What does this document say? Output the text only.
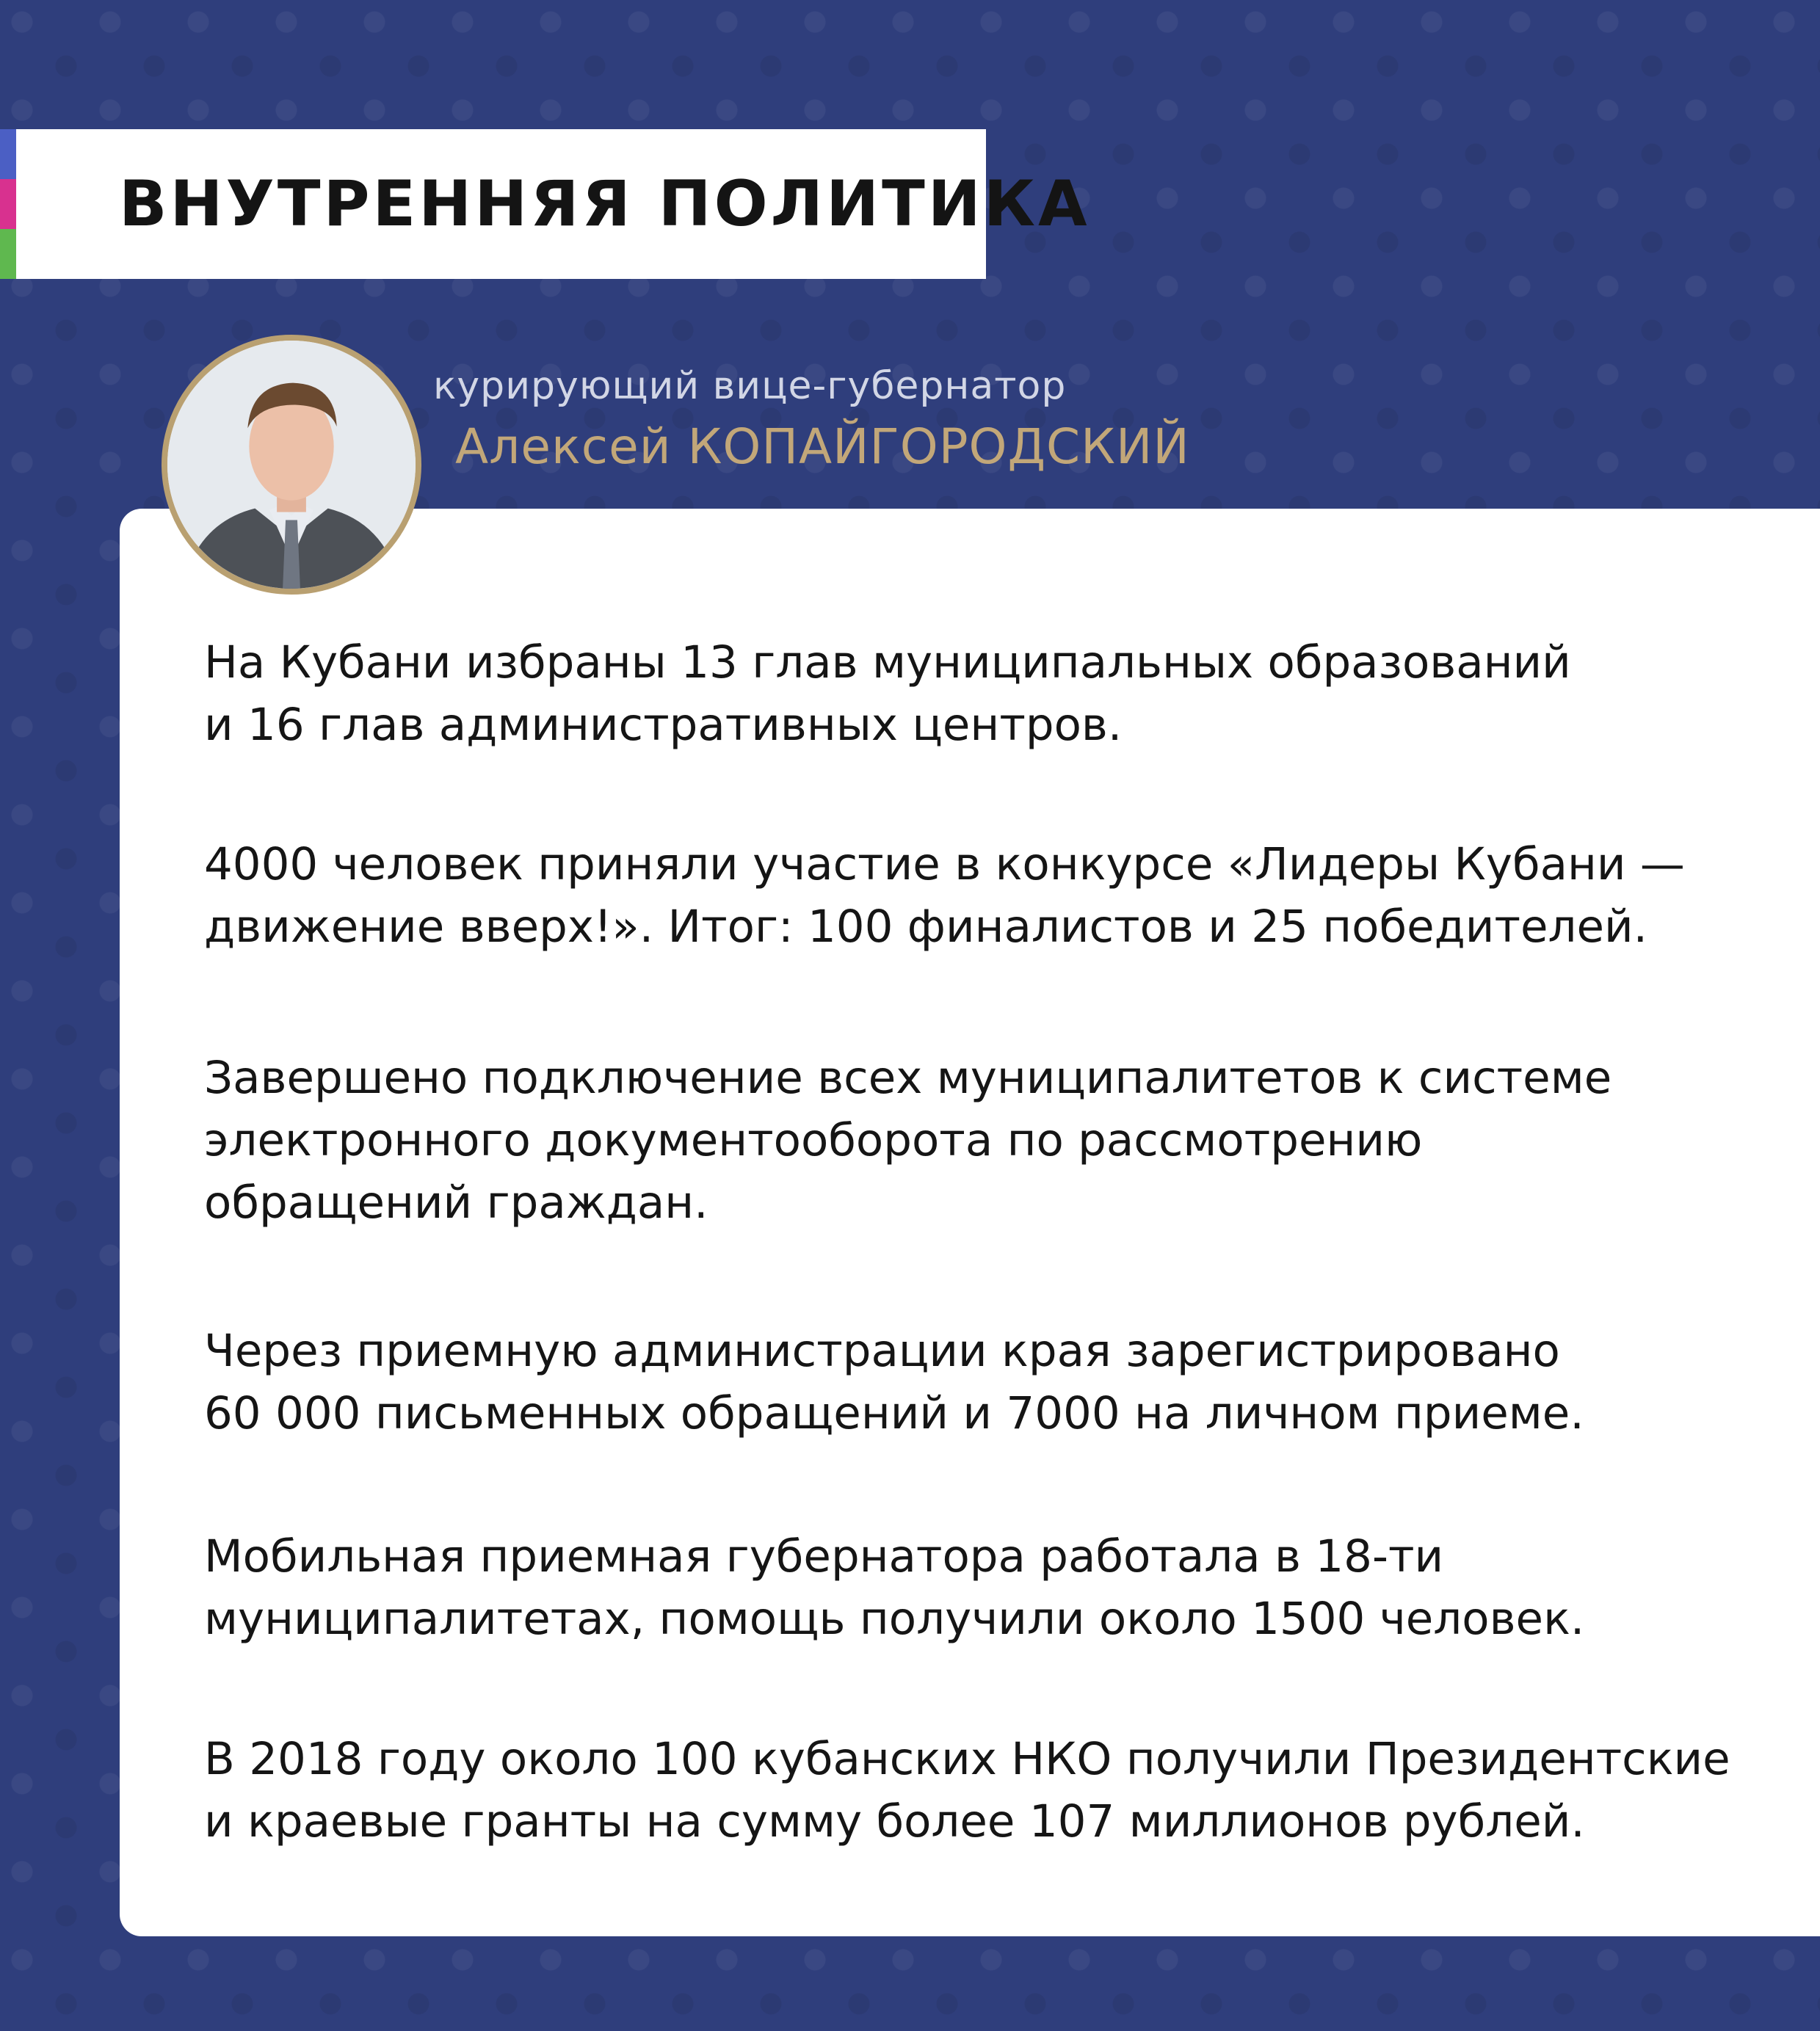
ВНУТРЕННЯЯ ПОЛИТИКА
курирующий вице-губернатор
Алексей КОПАЙГОРОДСКИЙ
На Кубани избраны 13 глав муниципальных образований
и 16 глав административных центров.
4000 человек приняли участие в конкурсе «Лидеры Кубани —
движение вверх!». Итог: 100 финалистов и 25 победителей.
Завершено подключение всех муниципалитетов к системе
электронного документооборота по рассмотрению
обращений граждан.
Через приемную администрации края зарегистрировано
60 000 письменных обращений и 7000 на личном приеме.
Мобильная приемная губернатора работала в 18-ти
муниципалитетах, помощь получили около 1500 человек.
В 2018 году около 100 кубанских НКО получили Президентские
и краевые гранты на сумму более 107 миллионов рублей.
